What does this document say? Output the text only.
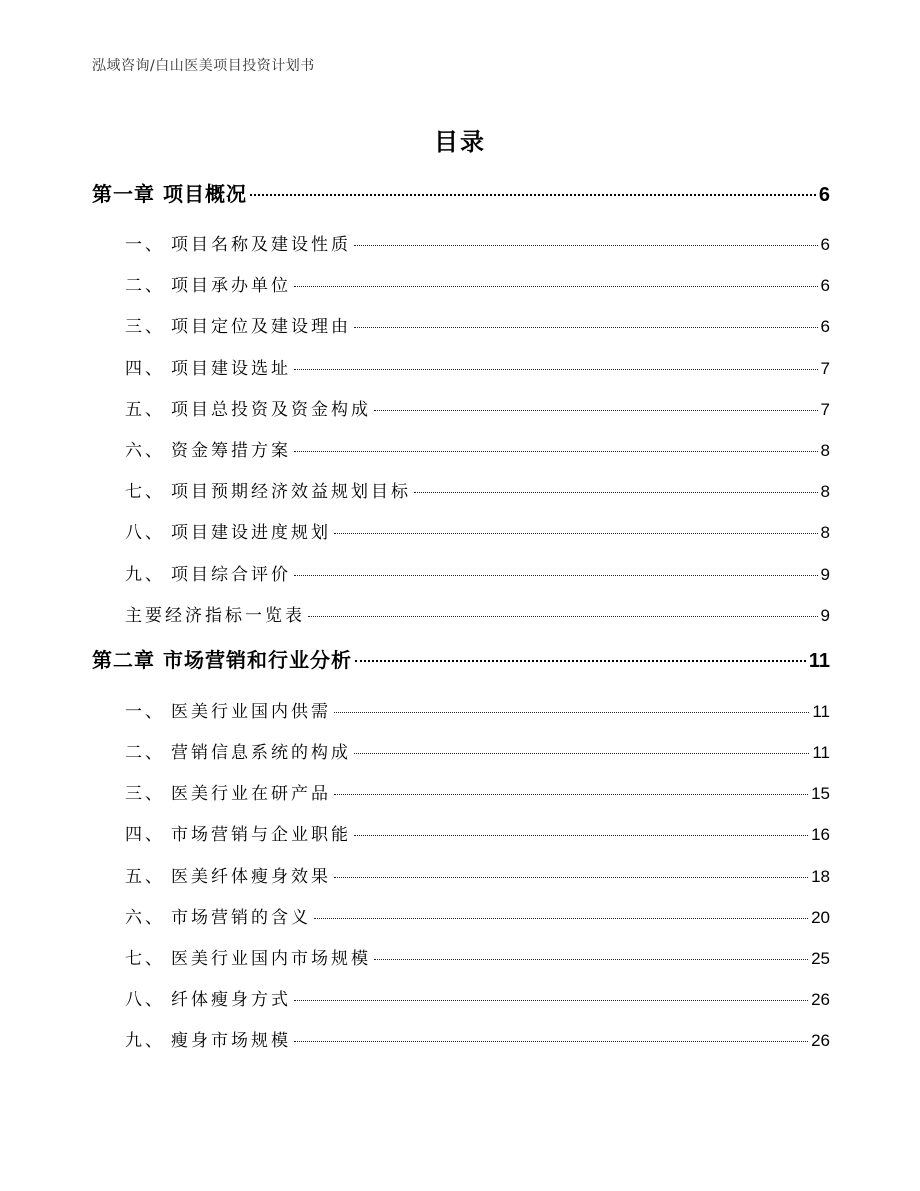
泓域咨询/白山医美项目投资计划书
目录
第一章 项目概况	6
一、 项目名称及建设性质	6
二、 项目承办单位	6
三、 项目定位及建设理由	6
四、 项目建设选址	7
五、 项目总投资及资金构成	7
六、 资金筹措方案	8
七、 项目预期经济效益规划目标	8
八、 项目建设进度规划	8
九、 项目综合评价	9
主要经济指标一览表	9
第二章 市场营销和行业分析	11
一、 医美行业国内供需	11
二、 营销信息系统的构成	11
三、 医美行业在研产品	15
四、 市场营销与企业职能	16
五、 医美纤体瘦身效果	18
六、 市场营销的含义	20
七、 医美行业国内市场规模	25
八、 纤体瘦身方式	26
九、 瘦身市场规模	26
